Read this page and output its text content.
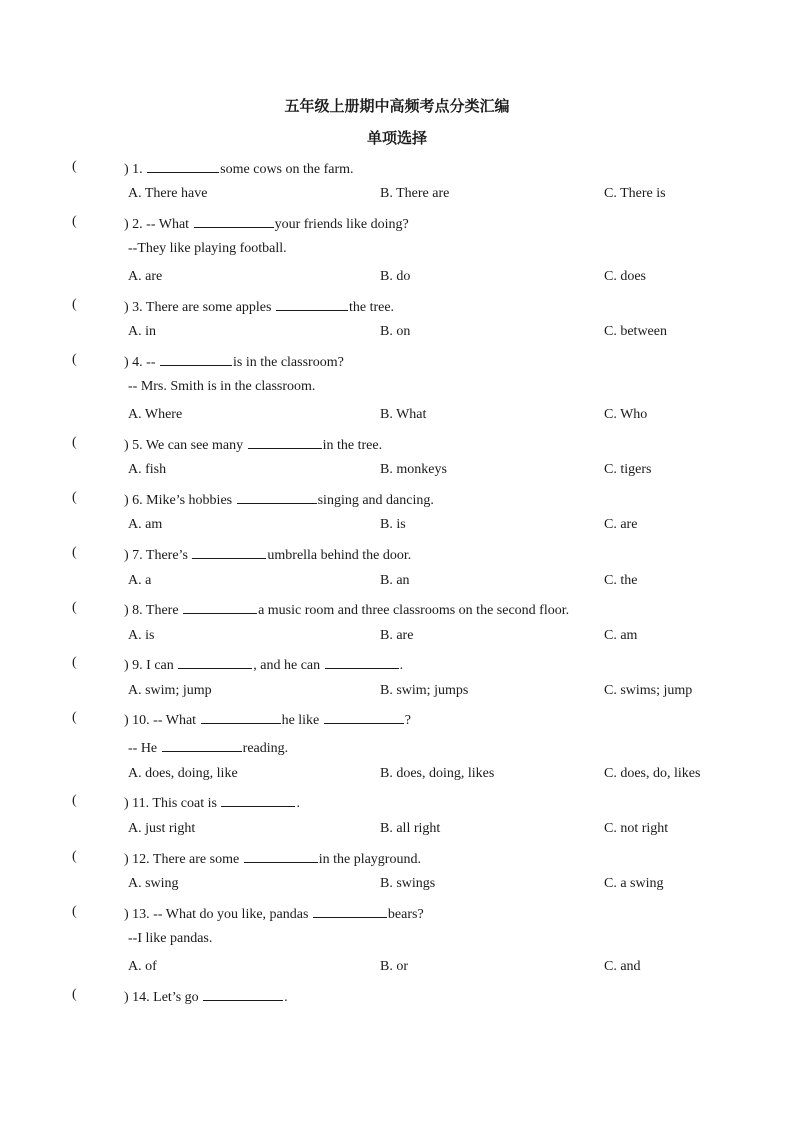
五年级上册期中高频考点分类汇编
单项选择
(	) 1.	some cows on the farm.
A. There have	B. There are	C. There is
(	) 2. -- What	your friends like doing?
--They like playing football.
A. are	B. do	C. does
(	) 3. There are some apples	the tree.
A. in	B. on	C. between
(	) 4. --	is in the classroom?
-- Mrs. Smith is in the classroom.
A. Where	B. What	C. Who
(	) 5. We can see many	in the tree.
A. fish	B. monkeys	C. tigers
(	) 6. Mike’s hobbies	singing and dancing.
A. am	B. is	C. are
(	) 7. There’s	umbrella behind the door.
A. a	B. an	C. the
(	) 8. There	a music room and three classrooms on the second floor.
A. is	B. are	C. am
(	) 9. I can	, and he can	.
A. swim; jump	B. swim; jumps	C. swims; jump
(	) 10. -- What	he like	?
-- He	reading.
A. does, doing, like	B. does, doing, likes	C. does, do, likes
(	) 11. This coat is	.
A. just right	B. all right	C. not right
(	) 12. There are some	in the playground.
A. swing	B. swings	C. a swing
(	) 13. -- What do you like, pandas	bears?
--I like pandas.
A. of	B. or	C. and
(	) 14. Let’s go	.
